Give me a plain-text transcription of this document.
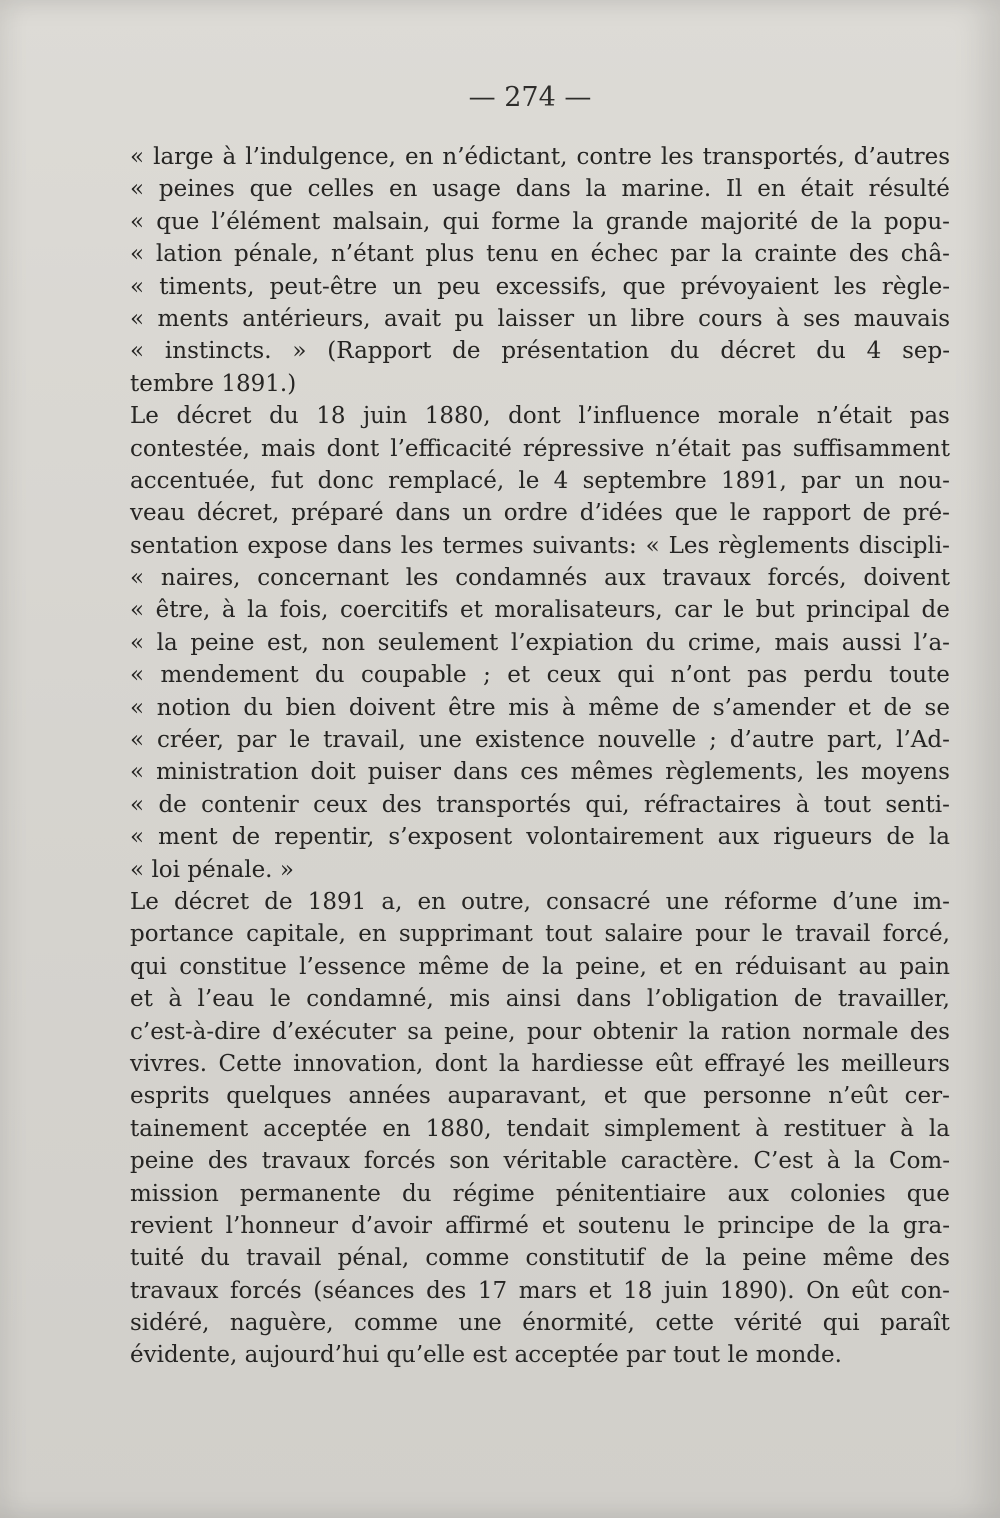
— 274 —
« large à l’indulgence, en n’édictant, contre les transportés, d’autres
« peines que celles en usage dans la marine. Il en était résulté
« que l’élément malsain, qui forme la grande majorité de la popu-
« lation pénale, n’étant plus tenu en échec par la crainte des châ-
« timents, peut-être un peu excessifs, que prévoyaient les règle-
« ments antérieurs, avait pu laisser un libre cours à ses mauvais
« instincts. » (Rapport de présentation du décret du 4 sep-
tembre 1891.)
Le décret du 18 juin 1880, dont l’influence morale n’était pas
contestée, mais dont l’efficacité répressive n’était pas suffisamment
accentuée, fut donc remplacé, le 4 septembre 1891, par un nou-
veau décret, préparé dans un ordre d’idées que le rapport de pré-
sentation expose dans les termes suivants: « Les règlements discipli-
« naires, concernant les condamnés aux travaux forcés, doivent
« être, à la fois, coercitifs et moralisateurs, car le but principal de
« la peine est, non seulement l’expiation du crime, mais aussi l’a-
« mendement du coupable ; et ceux qui n’ont pas perdu toute
« notion du bien doivent être mis à même de s’amender et de se
« créer, par le travail, une existence nouvelle ; d’autre part, l’Ad-
« ministration doit puiser dans ces mêmes règlements, les moyens
« de contenir ceux des transportés qui, réfractaires à tout senti-
« ment de repentir, s’exposent volontairement aux rigueurs de la
« loi pénale. »
Le décret de 1891 a, en outre, consacré une réforme d’une im-
portance capitale, en supprimant tout salaire pour le travail forcé,
qui constitue l’essence même de la peine, et en réduisant au pain
et à l’eau le condamné, mis ainsi dans l’obligation de travailler,
c’est-à-dire d’exécuter sa peine, pour obtenir la ration normale des
vivres. Cette innovation, dont la hardiesse eût effrayé les meilleurs
esprits quelques années auparavant, et que personne n’eût cer-
tainement acceptée en 1880, tendait simplement à restituer à la
peine des travaux forcés son véritable caractère. C’est à la Com-
mission permanente du régime pénitentiaire aux colonies que
revient l’honneur d’avoir affirmé et soutenu le principe de la gra-
tuité du travail pénal, comme constitutif de la peine même des
travaux forcés (séances des 17 mars et 18 juin 1890). On eût con-
sidéré, naguère, comme une énormité, cette vérité qui paraît
évidente, aujourd’hui qu’elle est acceptée par tout le monde.
